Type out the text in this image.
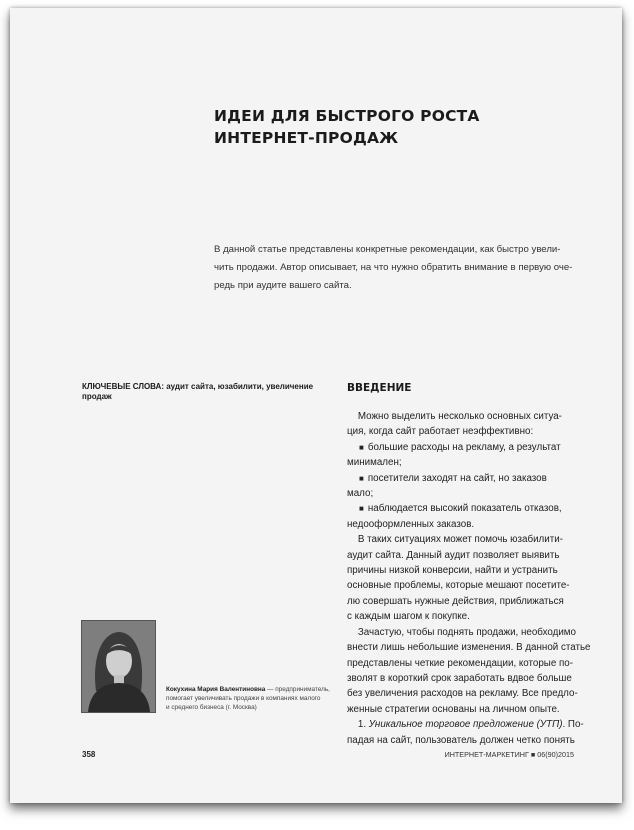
ИДЕИ ДЛЯ БЫСТРОГО РОСТА
ИНТЕРНЕТ-ПРОДАЖ
В данной статье представлены конкретные рекомендации, как быстро увели-
чить продажи. Автор описывает, на что нужно обратить внимание в первую оче-
редь при аудите вашего сайта.
КЛЮЧЕВЫЕ СЛОВА: аудит сайта, юзабилити, увеличение
продаж
Кокухина Мария Валентиновна — предприниматель,
помогает увеличивать продажи в компаниях малого
и среднего бизнеса (г. Москва)
ВВЕДЕНИЕ
Можно выделить несколько основных ситуа-
ция, когда сайт работает неэффективно:
■ большие расходы на рекламу, а результат
минимален;
■ посетители заходят на сайт, но заказов
мало;
■ наблюдается высокий показатель отказов,
недооформленных заказов.
В таких ситуациях может помочь юзабилити-
аудит сайта. Данный аудит позволяет выявить
причины низкой конверсии, найти и устранить
основные проблемы, которые мешают посетите-
лю совершать нужные действия, приближаться
с каждым шагом к покупке.
Зачастую, чтобы поднять продажи, необходимо
внести лишь небольшие изменения. В данной статье
представлены четкие рекомендации, которые по-
зволят в короткий срок заработать вдвое больше
без увеличения расходов на рекламу. Все предло-
женные стратегии основаны на личном опыте.
1. Уникальное торговое предложение (УТП). По-
падая на сайт, пользователь должен четко понять
358	ИНТЕРНЕТ-МАРКЕТИНГ ■ 06(90)2015
